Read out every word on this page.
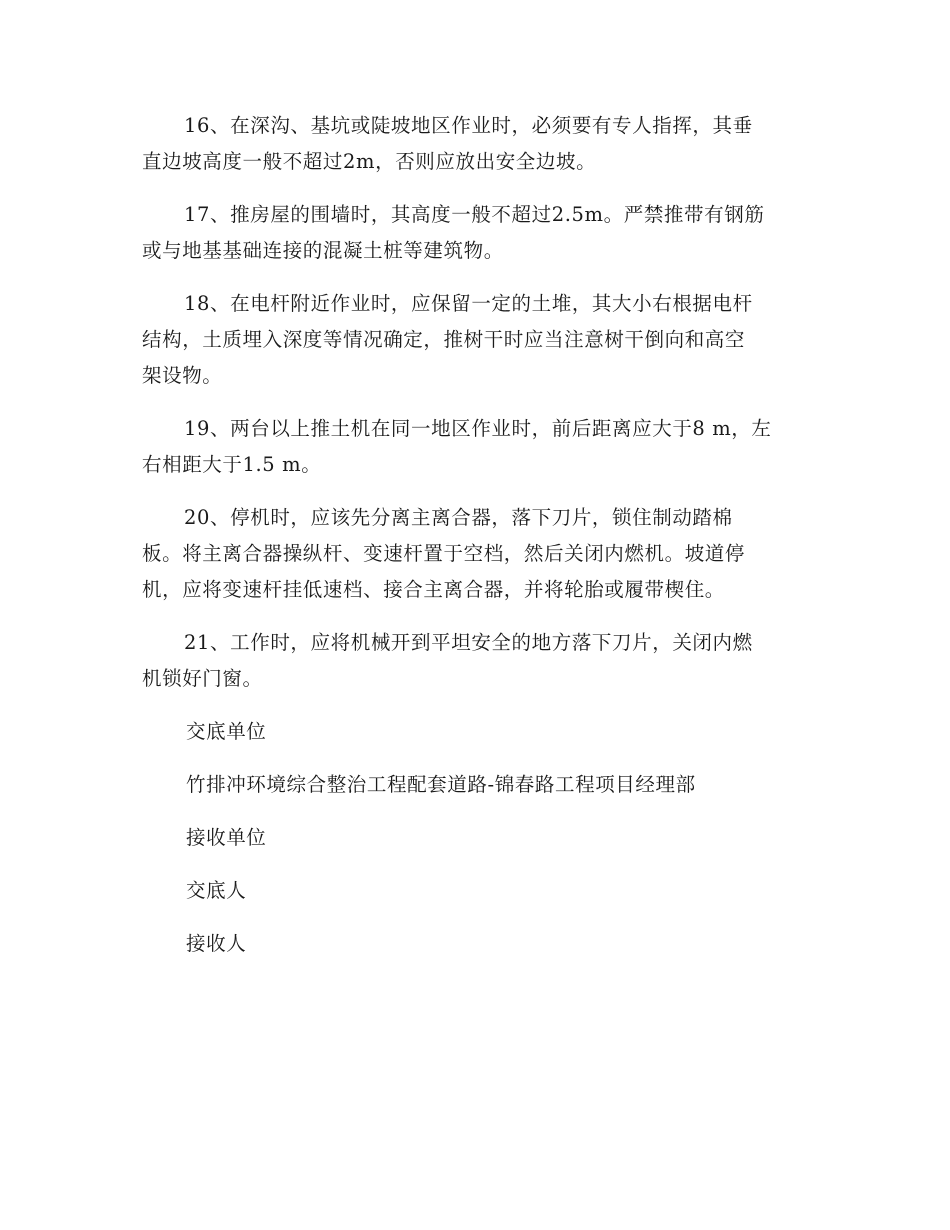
16、在深沟、基坑或陡坡地区作业时，必须要有专人指挥，其垂
直边坡高度一般不超过2m，否则应放出安全边坡。

17、推房屋的围墙时，其高度一般不超过2.5m。严禁推带有钢筋
或与地基基础连接的混凝土桩等建筑物。

18、在电杆附近作业时，应保留一定的土堆，其大小右根据电杆
结构，土质埋入深度等情况确定，推树干时应当注意树干倒向和高空
架设物。

19、两台以上推土机在同一地区作业时，前后距离应大于8 m，左
右相距大于1.5 m。

20、停机时，应该先分离主离合器，落下刀片，锁住制动踏棉
板。将主离合器操纵杆、变速杆置于空档，然后关闭内燃机。坡道停
机，应将变速杆挂低速档、接合主离合器，并将轮胎或履带楔住。

21、工作时，应将机械开到平坦安全的地方落下刀片，关闭内燃
机锁好门窗。

交底单位
竹排冲环境综合整治工程配套道路-锦春路工程项目经理部
接收单位
交底人
接收人
